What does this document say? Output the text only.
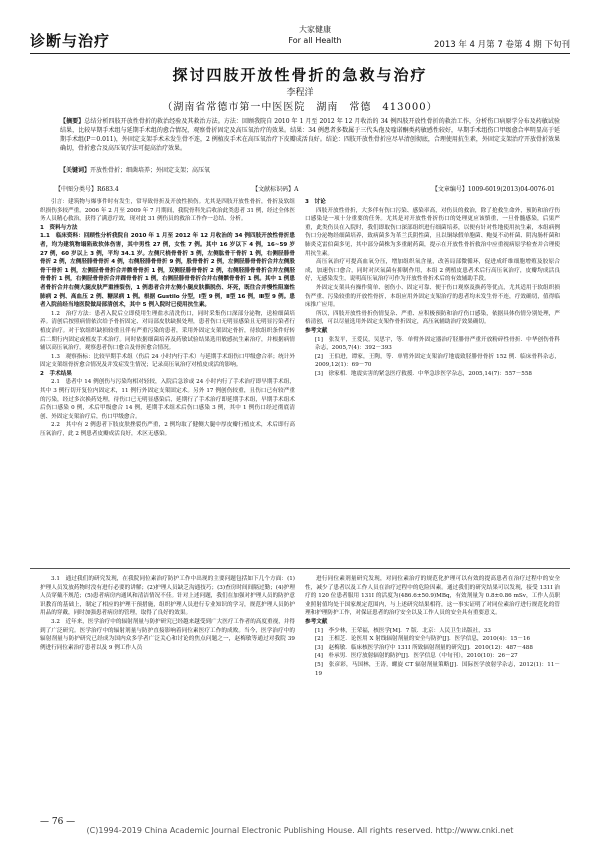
诊断与治疗
大家健康
For all Health	2013 年 4 月第 7 卷第 4 期 下旬刊
探讨四肢开放性骨折的急救与治疗
李程洋
（湖南省常德市第一中医医院　湖南　常德　413000）
【摘要】总结分析四肢开放性骨折的救治经验及其救治方法。方法：回顾我院自 2010 年 1 月至 2012 年 12 月收治的 34 例四肢开放性骨折的救治工作，分析伤口病原学分布及药敏试验结果，比较早期手术组与延期手术组的愈合情况，观察骨折固定及高压氧治疗的效果。结果：34 例患者多数属于三代头孢及喹诺酮类药敏感性较好，早期手术组伤口甲级愈合率明显高于延期手术组(P＝0.011)，外固定支架手术未发生骨不连，2 例植皮手术在高压氧治疗下皮瓣成活良好。结论：四肢开放性骨折应尽早清创彻底，合理使用抗生素，外固定支架治疗开放骨折效果确切，骨折愈合及高压氧疗法可提高治疗效果。
【关键词】开放性骨折；细菌培养；外固定支架；高压氧
【中图分类号】R683.4	【文献标识码】A	【文章编号】1009-6019(2013)04-0076-01

引言：建筑物与爆事件时有发生，常导致骨折及开放性损伤。尤其是四肢开放性骨折，骨折及软组织损伤多较严重。2006 年 2 月至 2009 年 7 月期间，我院骨科先后收治此类患者 31 例，经过全体医务人员精心救治，获得了满意疗效，现对此 31 例伤员的救治工作作一总结、分析。

1　资料与方法

1.1　临床资料：回顾性分析我院自 2010 年 1 月至 2012 年 12 月收治的 34 例四肢开放性骨折患者，均为建筑物塌陷致软体伤害，其中男性 27 例，女性 7 例。其中 16 岁以下 4 例，16~59 岁 27 例，60 岁以上 3 例，平均 34.1 岁。左侧尺桡骨骨折 3 例，左侧肱骨干骨折 1 例，右侧胫腓骨骨折 2 例，左侧胫腓骨骨折 4 例，右侧胫腓骨骨折 9 例，股骨骨折 2 例，左侧胫腓骨骨折合并左侧股骨干骨折 1 例，左侧胫骨骨折合并髌骨骨折 1 例，双侧胫腓骨骨折 2 例，右侧胫腓骨骨折合并左侧胫骨骨折 1 例，右侧胫骨骨折合并踝骨骨折 1 例，右侧胫腓骨骨折合并右侧髌骨骨折 1 例。其中 1 例患者骨折合并右侧大腿皮肤严重挫裂伤，1 例患者合并左侧小腿皮肤撕脱伤、坏死，既往合并慢性阻塞性肺病 2 例、高血压 2 例、糖尿病 1 例。根据 Gustilo 分型，Ⅰ型 9 例，Ⅱ型 16 例，Ⅲ型 9 例。患者入院前经当地医院做局部清创术，其中 5 例入院时已使用抗生素。

1.2　治疗方法：患者入院后立即使用生理盐水清洗伤口，同时采集伤口深部分泌物，送检细菌培养。清创后按照病情依次给予骨折固定、对局部皮肤缺损处理，患者伤口无明显感染且无明显污染者行植皮治疗。对于软组织缺损较重且伴有严重污染的患者，采用外固定支架固定骨折，待软组织条件好转后二期行内固定或植皮手术治疗。同时依据细菌培养及药敏试验结果选用敏感抗生素治疗，并根据病情辅以高压氧治疗，观察患者伤口愈合及骨折愈合情况。

1.3　观察指标：比较早期手术组（伤后 24 小时内行手术）与延期手术组伤口甲级愈合率；统计外固定支架组骨折愈合情况及并发症发生情况；记录高压氧治疗对植皮成活的影响。

2　手术结果

2.1　患者中 14 例创伤与污染均相对轻较，入院后急诊或 24 小时内行了手术治疗即早期手术组，其中 3 例行切开复位内固定术，11 例行外固定支架固定术。另外 17 例创伤较重，且伤口已有较严重的污染，经过多次换药处理，待伤口已无明显感染后，延期行了手术治疗即延期手术组，早期手术组术后伤口感染 0 例，术后甲级愈合 14 例，延期手术组术后伤口感染 3 例，其中 1 例伤口经过彻底清创、外固定支架治疗后，伤口甲级愈合。

2.2　其中有 2 例患者下肢皮肤挫裂伤严重，2 例均取了健侧大腿中厚皮瓣行植皮术，术后即行高压氧治疗，此 2 例患者皮瓣成活良好，术区无感染。

3　讨论

四肢开放性骨折，大多伴有伤口污染、感染率高，对伤员的救治，除了抢救生命外，预防和治疗伤口感染是一项十分重要的任务。尤其是对开放性骨折伤口的处理更应该慎重，一旦骨髓感染，后果严重，此类伤员在入院时，我们即取伤口深部组织进行细菌培养，以便有针对性地使用抗生素，本组病例伤口分泌物经细菌培养，致病菌多为革兰氏阴性菌，且以铜绿假单胞菌、鲍曼不动杆菌、阴沟肠杆菌和肺炎克雷伯菌多见，其中部分菌株为多重耐药菌，提示在开放性骨折救治中应重视病原学检查并合理使用抗生素。

高压氧治疗可提高血氧分压，增加组织氧含量，改善局部微循环，促进成纤维细胞增殖及胶原合成，加速伤口愈合，同时对厌氧菌有抑制作用，本组 2 例植皮患者术后行高压氧治疗，皮瓣均成活良好，无感染发生，说明高压氧治疗可作为开放性骨折术后的有效辅助手段。

外固定支架具有操作简单、创伤小、固定可靠、便于伤口观察及换药等优点，尤其适用于软组织损伤严重、污染较重的开放性骨折，本组应用外固定支架治疗的患者均未发生骨不连，疗效确切，值得临床推广应用。

所以，四肢开放性骨折伤情复杂、严重、应积极预防和治疗伤口感染，依据具体伤情分别处理，严格清创，可以尽量选用外固定支架作骨折固定，高压氧辅助治疗效果确切。

参考文献

[1]　张发平，王爱民，吴思宇，等．单臂外固定器治疗胫腓骨严重开放粉碎性骨折．中华创伤骨科杂志，2005,7(4)：392－393

[2]　王伯进，谭家，王陶，等．单臂外固定支架治疗地震致胫腓骨骨折 152 例．临床骨科杂志，2009,12(1)：69－70

[3]　徐家相．地震实害的紧急医疗救援．中华急诊医学杂志，2005,14(7)：557－558

3.1　通过我们的研究发现，在我院同位素治疗防护工作中出现的主要问题包括如下几个方面：(1)护理人员发放药物时没有进行必要的讲解；(2)护理人员缺乏沟通技巧；(3)查房时间间隔过勤；(4)护理人员穿戴不规范；(5)患者病房内通风和清洁情况不佳。针对上述问题，我们在加强对护理人员的防护意识教育的基础上，制定了相应的护理干预措施，组织护理人员进行专业知识的学习，规范护理人员防护用品的穿戴，同时加强患者病房的管理，取得了良好的效果。

3.2　近年来，医学治疗中的辐射剂量与防护研究已经越来越受到广大医疗工作者的高度重视，并得到了广泛研究。医学治疗中的辐射剂量与防护直接影响着同位素医疗工作的成败。当今，医学治疗中的辐射剂量与防护研究已经成为国内众多学者广泛关心和讨论的焦点问题之一，赵梅敏等通过对我院 39 例进行同位素治疗患者以及 9 例工作人员

进行同位素剂量研究发现，对同位素治疗的规范化护理可以有效的提高患者在治疗过程中的安全性，减少了患者以及工作人员在治疗过程中的危险因素。通过我们的研究结果可以发现，接受 131I 治疗的 120 位患者服用 131I 的活度为(486.6±50.9)MBq，有效剂量为 0.8±0.86 mSv，工作人员职业照射值均处于国家规定范围内，与上述研究结果相符，这一事实证明了对同位素治疗进行规范化的管理和护理防护工作，对保证患者的治疗安全以及工作人员的安全具有重要意义。

参考文献

[1]　李少林，王荣福，核医学[M]．7 版．北京：人民卫生出版社，33

[2]　王相芝．论医用 X 射线辐射剂量的安全与防护[J]．医学信息，2010(4)：15－16

[3]　赵梅敏．临床核医学治疗中 131I 所致辐射剂量的研究[J]．2010(12)：487－488

[4]　朴承男．医疗放射辐射的防护[J]．医学信息（中旬刊），2010(10)：26－27

[5]　张彦彩，马国林，王涛，螺旋 CT 辐射剂量策略[J]．国际医学放射学杂志，2012(1)：11－19

— 76 —
(C)1994-2019 China Academic Journal Electronic Publishing House. All rights reserved. http://www.cnki.net
